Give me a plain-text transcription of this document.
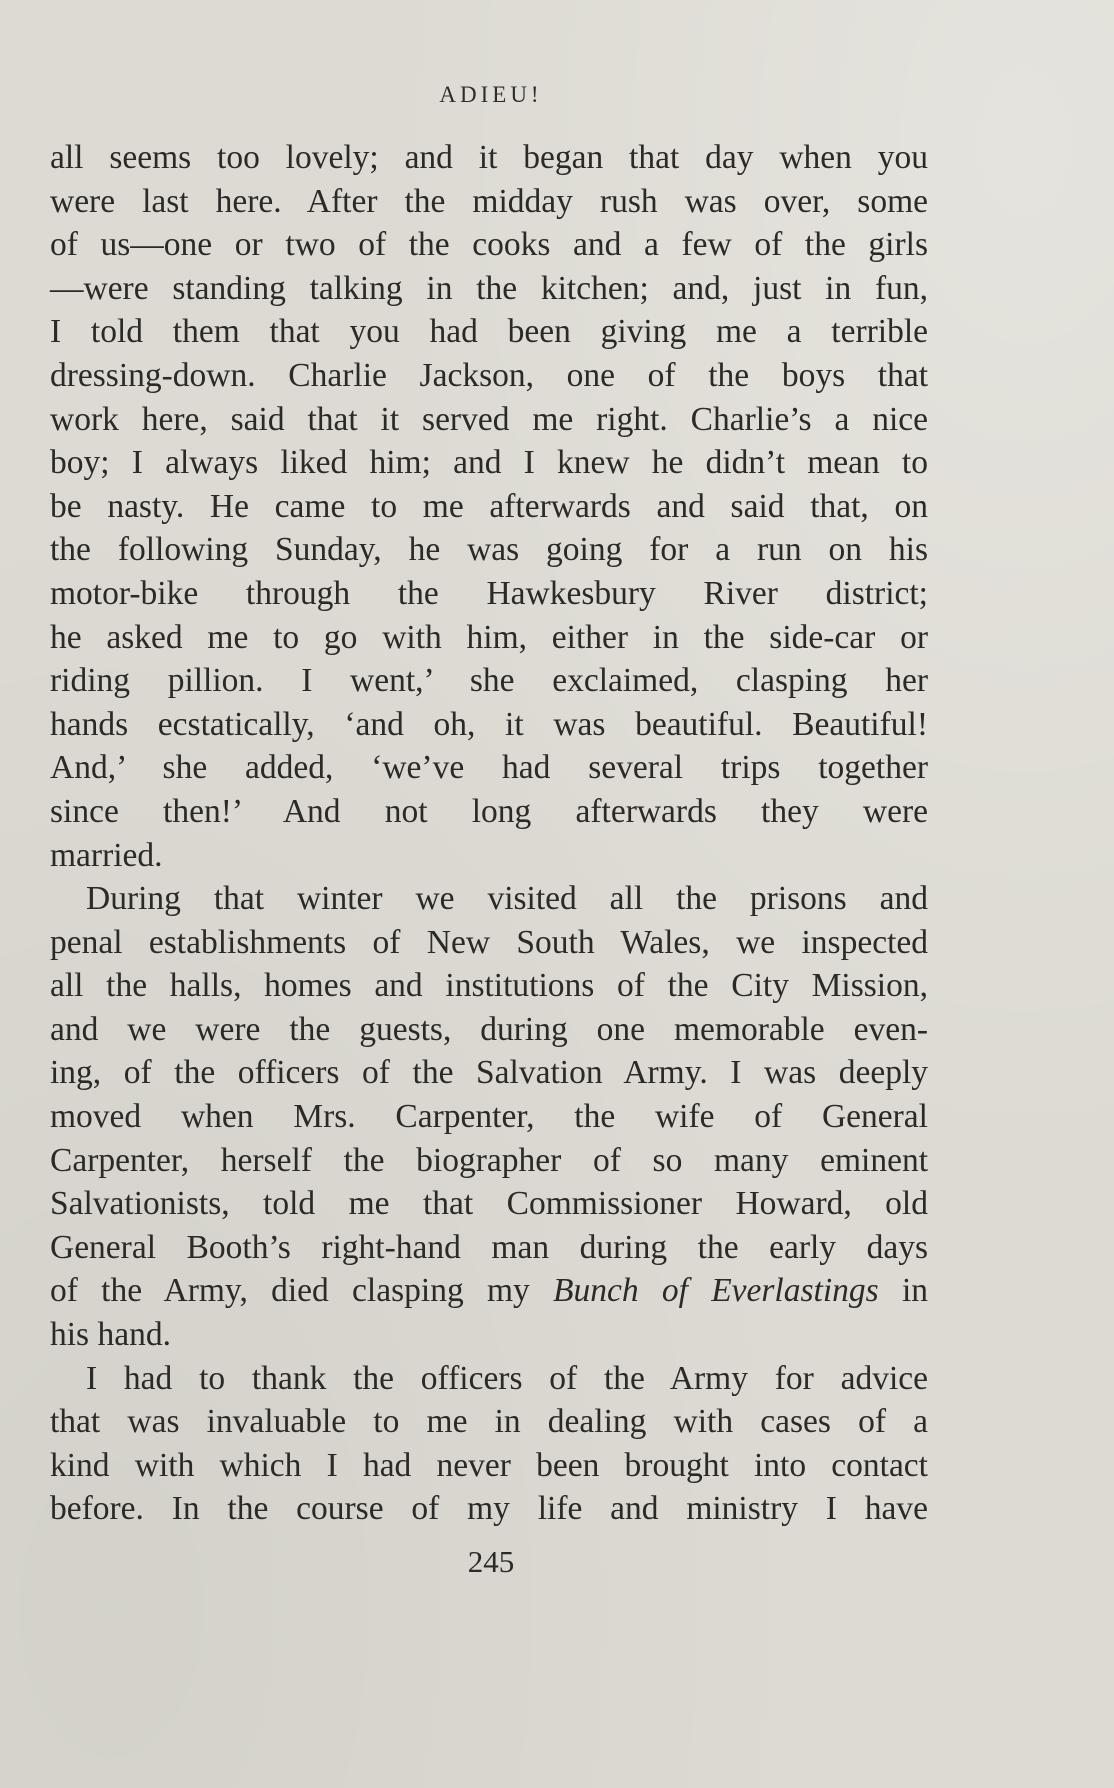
ADIEU!
all seems too lovely; and it began that day when you
were last here. After the midday rush was over, some
of us—one or two of the cooks and a few of the girls
—were standing talking in the kitchen; and, just in fun,
I told them that you had been giving me a terrible
dressing-down. Charlie Jackson, one of the boys that
work here, said that it served me right. Charlie’s a nice
boy; I always liked him; and I knew he didn’t mean to
be nasty. He came to me afterwards and said that, on
the following Sunday, he was going for a run on his
motor-bike through the Hawkesbury River district;
he asked me to go with him, either in the side-car or
riding pillion. I went,’ she exclaimed, clasping her
hands ecstatically, ‘and oh, it was beautiful. Beautiful!
And,’ she added, ‘we’ve had several trips together
since then!’ And not long afterwards they were
married.
During that winter we visited all the prisons and
penal establishments of New South Wales, we inspected
all the halls, homes and institutions of the City Mission,
and we were the guests, during one memorable even-
ing, of the officers of the Salvation Army. I was deeply
moved when Mrs. Carpenter, the wife of General
Carpenter, herself the biographer of so many eminent
Salvationists, told me that Commissioner Howard, old
General Booth’s right-hand man during the early days
of the Army, died clasping my Bunch of Everlastings in
his hand.
I had to thank the officers of the Army for advice
that was invaluable to me in dealing with cases of a
kind with which I had never been brought into contact
before. In the course of my life and ministry I have
245
